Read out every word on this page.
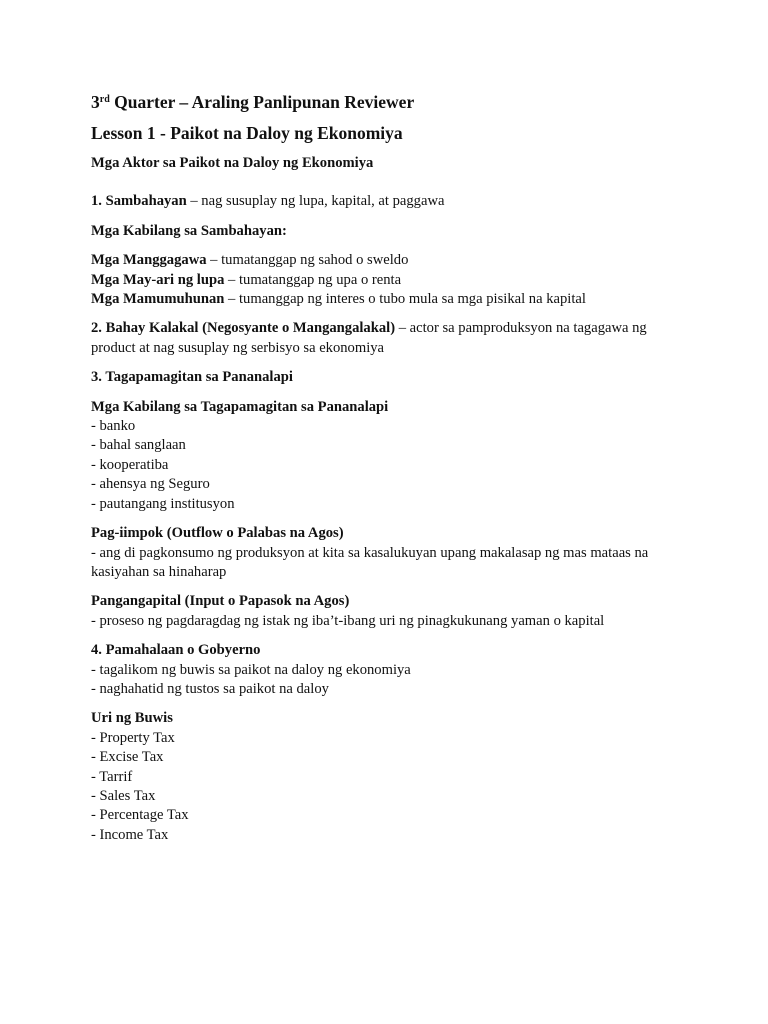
3rd Quarter – Araling Panlipunan Reviewer
Lesson 1 - Paikot na Daloy ng Ekonomiya

Mga Aktor sa Paikot na Daloy ng Ekonomiya

1. Sambahayan – nag susuplay ng lupa, kapital, at paggawa

Mga Kabilang sa Sambahayan:

Mga Manggagawa – tumatanggap ng sahod o sweldo
Mga May-ari ng lupa – tumatanggap ng upa o renta
Mga Mamumuhunan – tumanggap ng interes o tubo mula sa mga pisikal na kapital

2. Bahay Kalakal (Negosyante o Mangangalakal) – actor sa pamproduksyon na tagagawa ng product at nag susuplay ng serbisyo sa ekonomiya

3. Tagapamagitan sa Pananalapi

Mga Kabilang sa Tagapamagitan sa Pananalapi
- banko
- bahal sanglaan
- kooperatiba
- ahensya ng Seguro
- pautangang institusyon
Pag-iimpok (Outflow o Palabas na Agos)
- ang di pagkonsumo ng produksyon at kita sa kasalukuyan upang makalasap ng mas mataas na kasiyahan sa hinaharap
Pangangapital (Input o Papasok na Agos)
- proseso ng pagdaragdag ng istak ng iba’t-ibang uri ng pinagkukunang yaman o kapital
4. Pamahalaan o Gobyerno
- tagalikom ng buwis sa paikot na daloy ng ekonomiya
- naghahatid ng tustos sa paikot na daloy
Uri ng Buwis
- Property Tax
- Excise Tax
- Tarrif
- Sales Tax
- Percentage Tax
- Income Tax
